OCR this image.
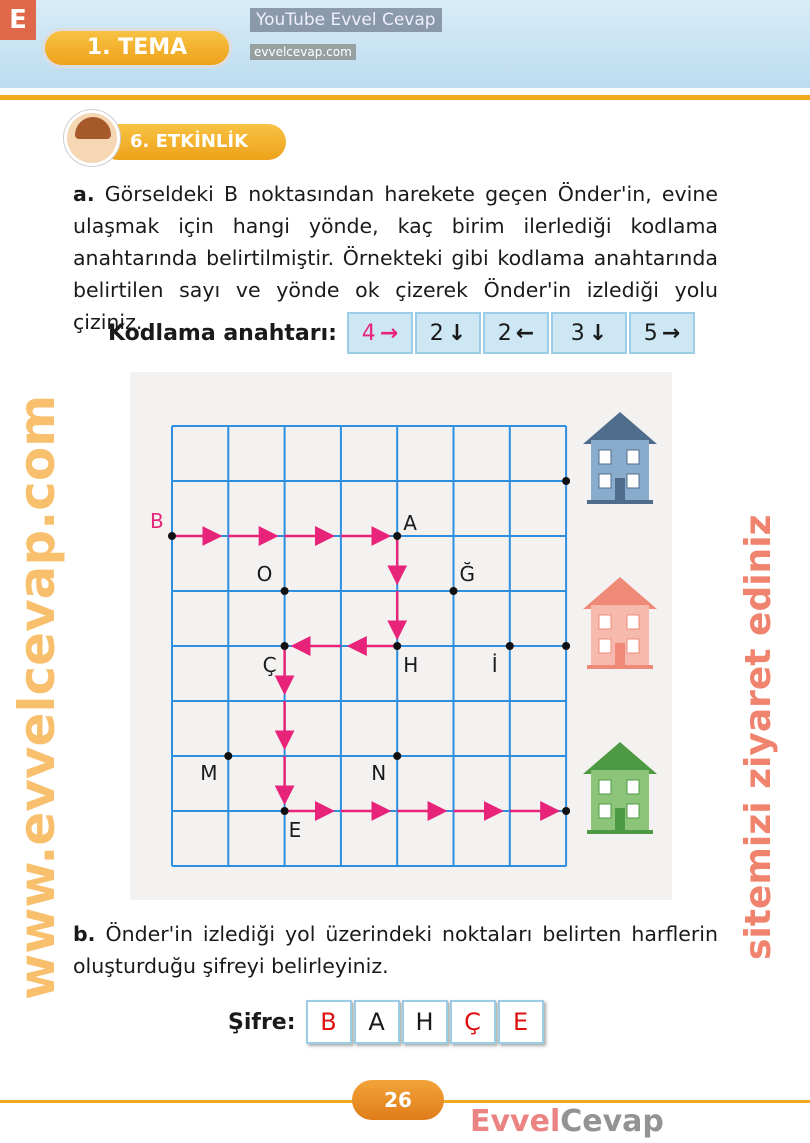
1. TEMA
E	YouTube Evvel Cevap
evvelcevap.com
6. ETKİNLİK
a. Görseldeki B noktasından harekete geçen Önder'in, evine ulaşmak için hangi yönde, kaç birim ilerlediği kodlama anahtarında belirtilmiştir. Örnekteki gibi kodlama anahtarında belirtilen sayı ve yönde ok çizerek Önder'in izlediği yolu çiziniz.
Kodlama anahtarı: 4 → 2 ↓ 2 ← 3 ↓ 5 →
B	A
O	Ğ
Ç	H	İ
M	N
E
b. Önder'in izlediği yol üzerindeki noktaları belirten harflerin oluşturduğu şifreyi belirleyiniz.
Şifre:	B	A	H	Ç	E
www.evvelcevap.com	sitemizi ziyaret ediniz
26
EvvelCevap
